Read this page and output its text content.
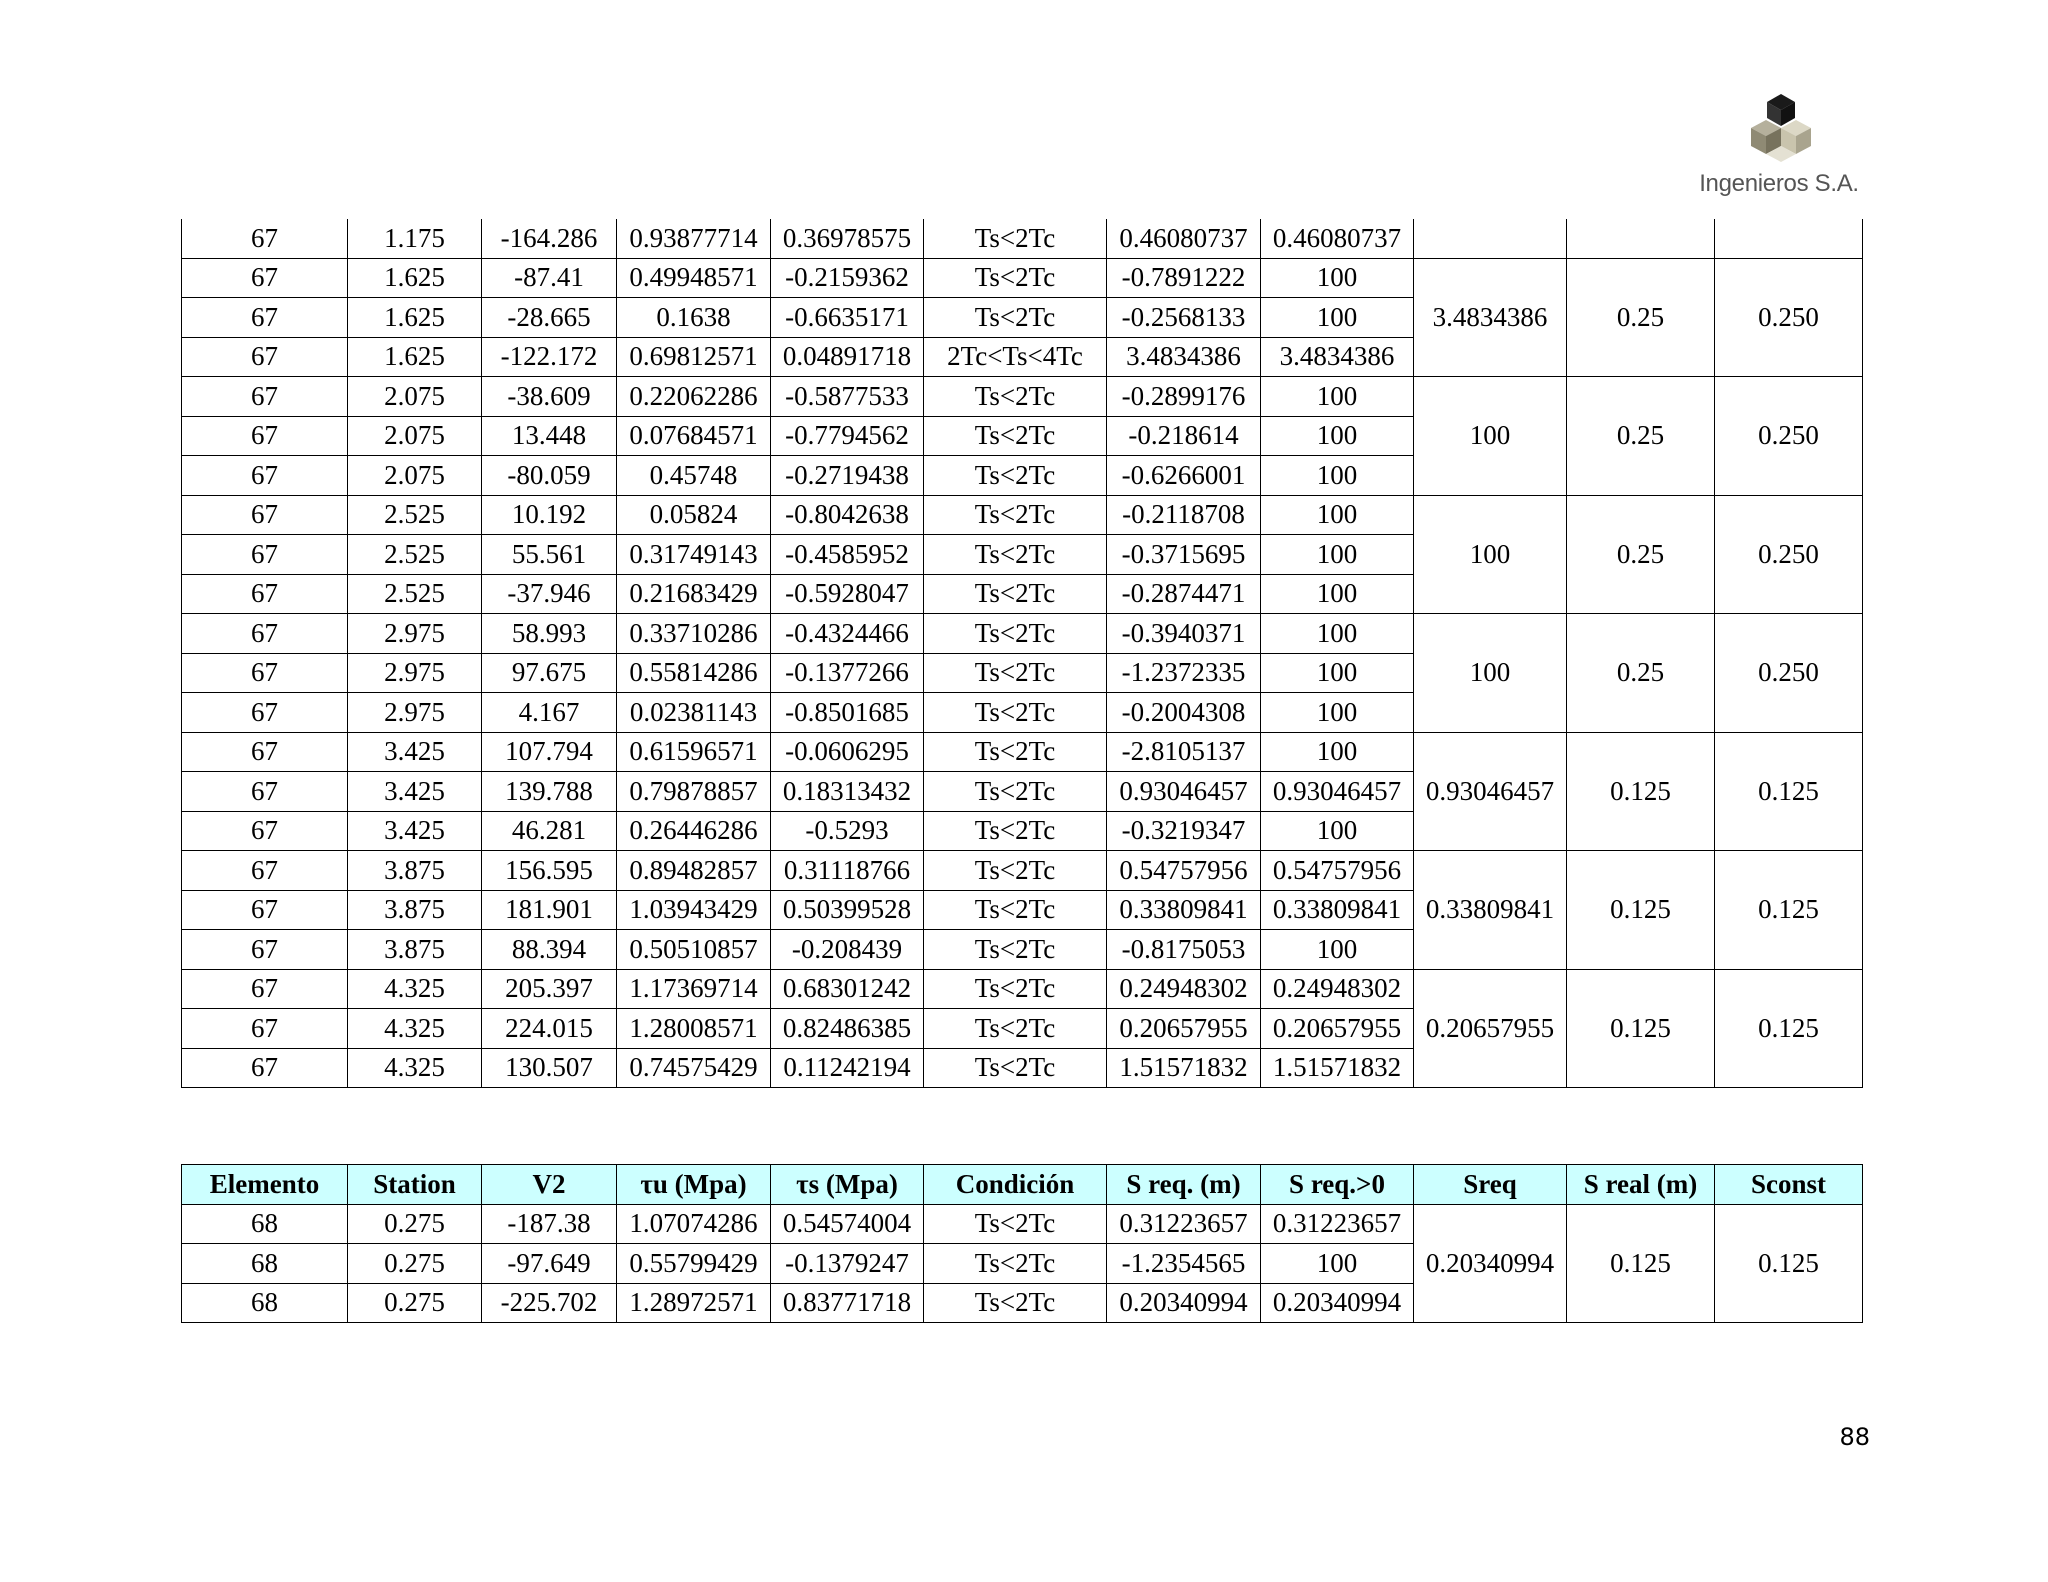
Ingenieros S.A.
67	1.175	-164.286	0.93877714	0.36978575	Ts<2Tc	0.46080737	0.46080737			
67	1.625	-87.41	0.49948571	-0.2159362	Ts<2Tc	-0.7891222	100	3.4834386	0.25	0.250
67	1.625	-28.665	0.1638	-0.6635171	Ts<2Tc	-0.2568133	100			
67	1.625	-122.172	0.69812571	0.04891718	2Tc<Ts<4Tc	3.4834386	3.4834386			
67	2.075	-38.609	0.22062286	-0.5877533	Ts<2Tc	-0.2899176	100	100	0.25	0.250
67	2.075	13.448	0.07684571	-0.7794562	Ts<2Tc	-0.218614	100			
67	2.075	-80.059	0.45748	-0.2719438	Ts<2Tc	-0.6266001	100			
67	2.525	10.192	0.05824	-0.8042638	Ts<2Tc	-0.2118708	100	100	0.25	0.250
67	2.525	55.561	0.31749143	-0.4585952	Ts<2Tc	-0.3715695	100			
67	2.525	-37.946	0.21683429	-0.5928047	Ts<2Tc	-0.2874471	100			
67	2.975	58.993	0.33710286	-0.4324466	Ts<2Tc	-0.3940371	100	100	0.25	0.250
67	2.975	97.675	0.55814286	-0.1377266	Ts<2Tc	-1.2372335	100			
67	2.975	4.167	0.02381143	-0.8501685	Ts<2Tc	-0.2004308	100			
67	3.425	107.794	0.61596571	-0.0606295	Ts<2Tc	-2.8105137	100	0.93046457	0.125	0.125
67	3.425	139.788	0.79878857	0.18313432	Ts<2Tc	0.93046457	0.93046457			
67	3.425	46.281	0.26446286	-0.5293	Ts<2Tc	-0.3219347	100			
67	3.875	156.595	0.89482857	0.31118766	Ts<2Tc	0.54757956	0.54757956	0.33809841	0.125	0.125
67	3.875	181.901	1.03943429	0.50399528	Ts<2Tc	0.33809841	0.33809841			
67	3.875	88.394	0.50510857	-0.208439	Ts<2Tc	-0.8175053	100			
67	4.325	205.397	1.17369714	0.68301242	Ts<2Tc	0.24948302	0.24948302	0.20657955	0.125	0.125
67	4.325	224.015	1.28008571	0.82486385	Ts<2Tc	0.20657955	0.20657955			
67	4.325	130.507	0.74575429	0.11242194	Ts<2Tc	1.51571832	1.51571832			
Elemento	Station	V2	τu (Mpa)	τs (Mpa)	Condición	S req. (m)	S req.>0	Sreq	S real (m)	Sconst
68	0.275	-187.38	1.07074286	0.54574004	Ts<2Tc	0.31223657	0.31223657	0.20340994	0.125	0.125
68	0.275	-97.649	0.55799429	-0.1379247	Ts<2Tc	-1.2354565	100			
68	0.275	-225.702	1.28972571	0.83771718	Ts<2Tc	0.20340994	0.20340994			
88
